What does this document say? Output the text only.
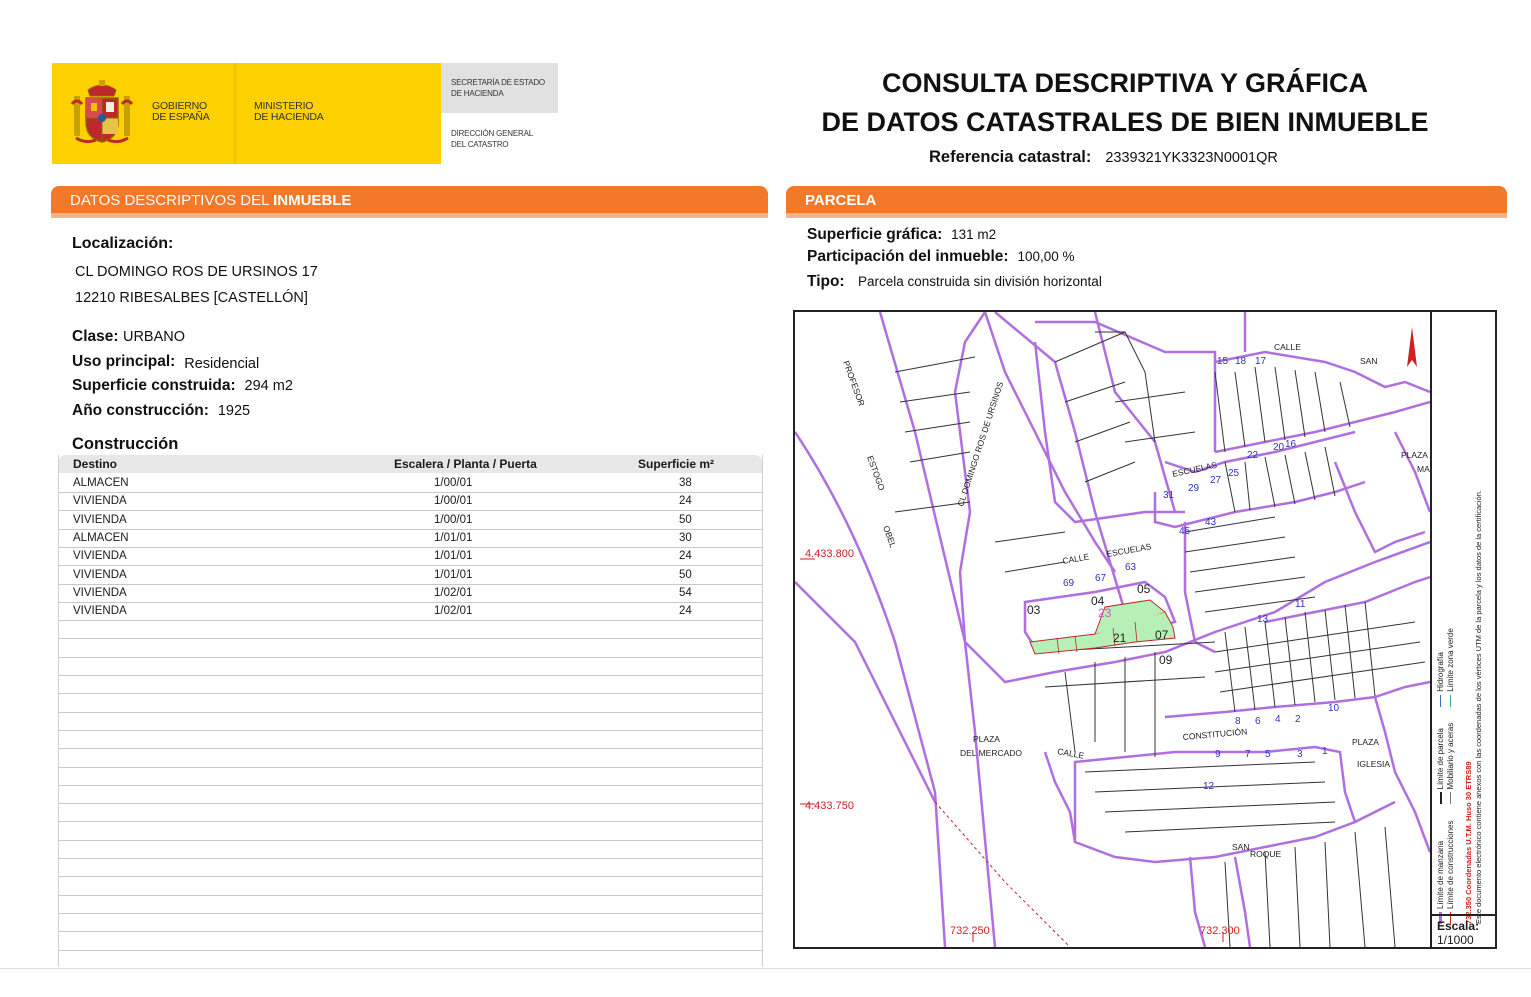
GOBIERNO
DE ESPAÑA
MINISTERIO
DE HACIENDA
SECRETARÍA DE ESTADO
DE HACIENDA
DIRECCIÓN GENERAL
DEL CATASTRO
CONSULTA DESCRIPTIVA Y GRÁFICA
DE DATOS CATASTRALES DE BIEN INMUEBLE
Referencia catastral: 2339321YK3323N0001QR
DATOS DESCRIPTIVOS DEL INMUEBLE
Localización:
CL DOMINGO ROS DE URSINOS 17
12210 RIBESALBES [CASTELLÓN]
Clase: URBANO
Uso principal: Residencial
Superficie construida: 294 m2
Año construcción: 1925
Construcción
Destino	Escalera / Planta / Puerta	Superficie m²
ALMACEN	1/00/01	38
VIVIENDA	1/00/01	24
VIVIENDA	1/00/01	50
ALMACEN	1/01/01	30
VIVIENDA	1/01/01	24
VIVIENDA	1/01/01	50
VIVIENDA	1/02/01	54
VIVIENDA	1/02/01	24
PARCELA
Superficie gráfica: 131 m2
Participación del inmueble: 100,00 %
Tipo: Parcela construida sin división horizontal
4.433.800
4.433.750
732.250	732.300
CALLE
SAN
ESCUELAS
CALLE ESCUELAS
PROFESOR
ESTOGO
OBEL
CL DOMINGO ROS DE URSINOS
PLAZA
DEL MERCADO	CALLE
CONSTITUCIÓN
PLAZA
IGLESIA
SAN
ROQUE
PLAZA
MA
03
04
05
07
09
21
23
69 67
63
45
43
31
29
27
25
22
20
18 17
16
15
13
12
11
10
9
8
7
6
5
4
3
2
1
Límite de manzana Límite de construcciones
Límite de parcela Mobiliario y aceras
Hidrografía Límite zona verde
732.350 Coordenadas U.T.M. Huso 30 ETRS89 Este documento electrónico contiene anexos con las coordenadas de los vértices UTM de la parcela y los datos de la certificación.
Escala:
1/1000
